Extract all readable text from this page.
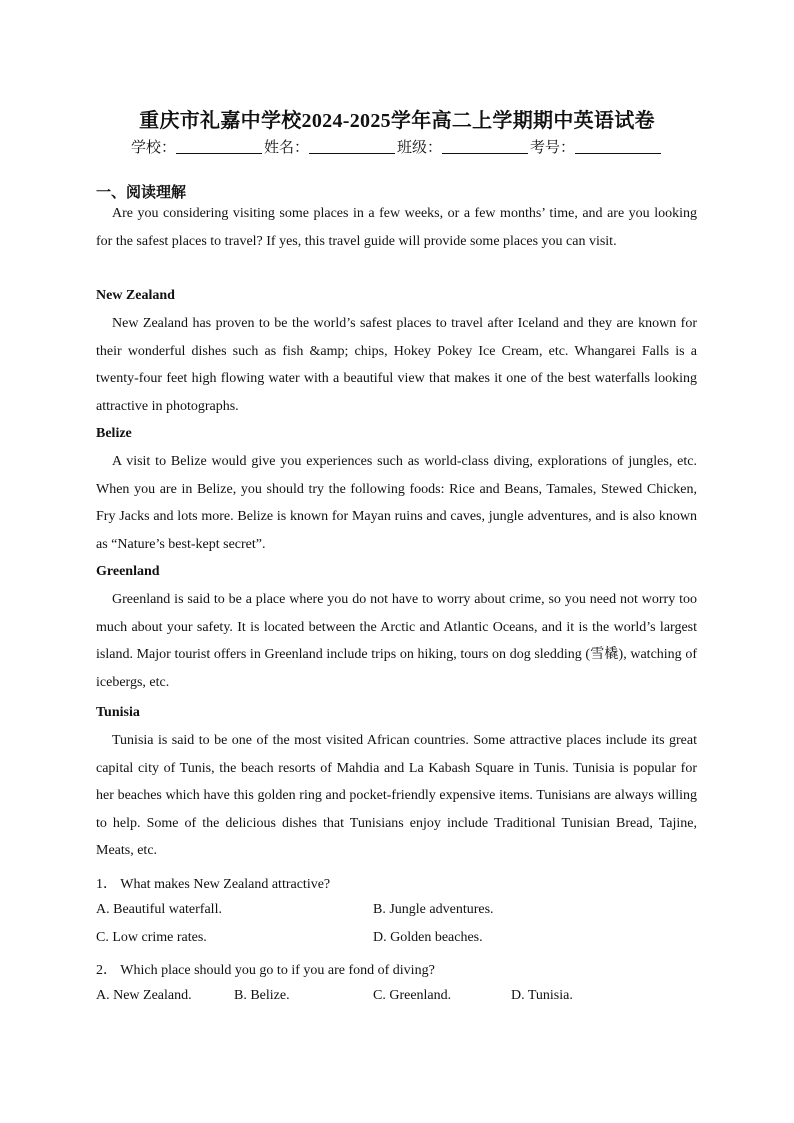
重庆市礼嘉中学校2024-2025学年高二上学期期中英语试卷
学校：	姓名：	班级：	考号：
一、阅读理解

Are you considering visiting some places in a few weeks, or a few months’ time, and are you looking for the safest places to travel? If yes, this travel guide will provide some places you can visit.

New Zealand

New Zealand has proven to be the world’s safest places to travel after Iceland and they are known for their wonderful dishes such as fish &amp; chips, Hokey Pokey Ice Cream, etc. Whangarei Falls is a twenty-four feet high flowing water with a beautiful view that makes it one of the best waterfalls looking attractive in photographs.

Belize

A visit to Belize would give you experiences such as world-class diving, explorations of jungles, etc. When you are in Belize, you should try the following foods: Rice and Beans, Tamales, Stewed Chicken, Fry Jacks and lots more. Belize is known for Mayan ruins and caves, jungle adventures, and is also known as “Nature’s best-kept secret”.

Greenland

Greenland is said to be a place where you do not have to worry about crime, so you need not worry too much about your safety. It is located between the Arctic and Atlantic Oceans, and it is the world’s largest island. Major tourist offers in Greenland include trips on hiking, tours on dog sledding (雪橇), watching of icebergs, etc.

Tunisia

Tunisia is said to be one of the most visited African countries. Some attractive places include its great capital city of Tunis, the beach resorts of Mahdia and La Kabash Square in Tunis. Tunisia is popular for her beaches which have this golden ring and pocket-friendly expensive items. Tunisians are always willing to help. Some of the delicious dishes that Tunisians enjoy include Traditional Tunisian Bread, Tajine, Meats, etc.

1． What makes New Zealand attractive?
A. Beautiful waterfall.	B. Jungle adventures.
C. Low crime rates.	D. Golden beaches.
2． Which place should you go to if you are fond of diving?
A. New Zealand.	B. Belize.	C. Greenland.	D. Tunisia.
